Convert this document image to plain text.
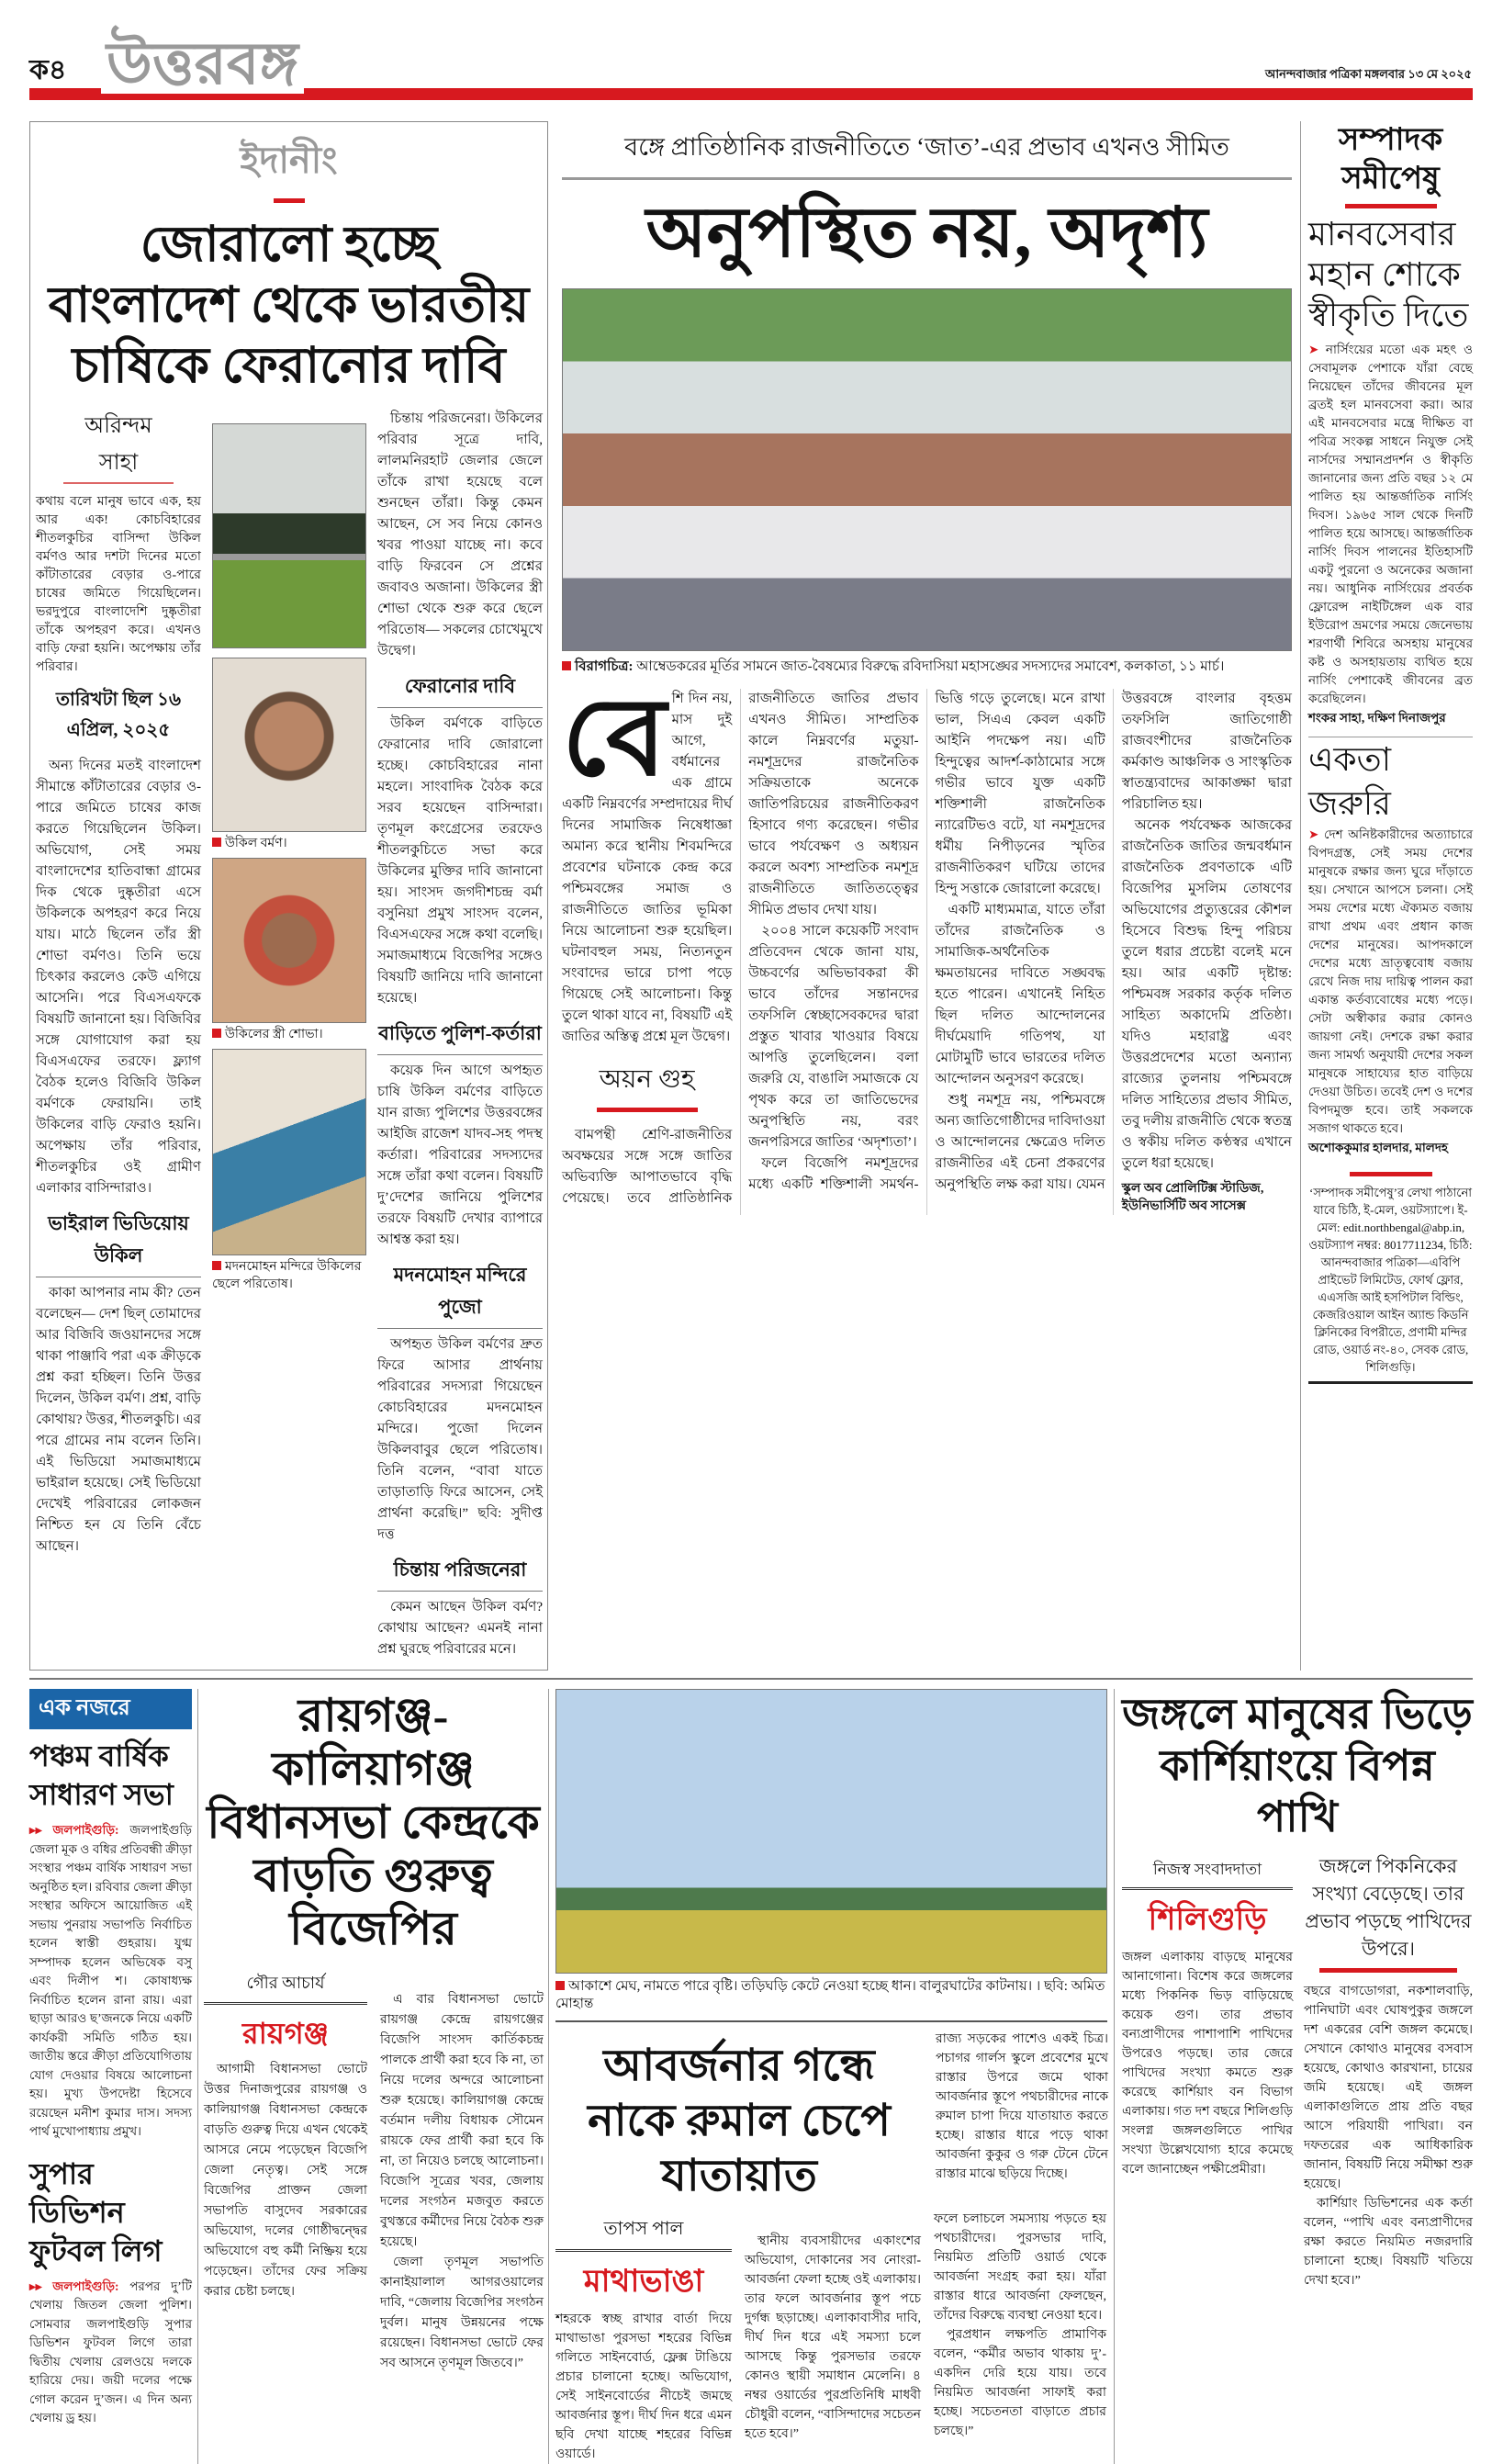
ক৪ উত্তরবঙ্গ	আনন্দবাজার পত্রিকা মঙ্গলবার ১৩ মে ২০২৫
ইদানীং
জোরালো হচ্ছে বাংলাদেশ থেকে ভারতীয় চাষিকে ফেরানোর দাবি
অরিন্দম সাহা

কথায় বলে মানুষ ভাবে এক, হয় আর এক! কোচবিহারের শীতলকুচির বাসিন্দা উকিল বর্মণও আর দশটা দিনের মতো কাঁটাতারের বেড়ার ও-পারে চাষের জমিতে গিয়েছিলেন। ভরদুপুরে বাংলাদেশি দুষ্কৃতীরা তাঁকে অপহরণ করে। এখনও বাড়ি ফেরা হয়নি। অপেক্ষায় তাঁর পরিবার।

তারিখটা ছিল ১৬ এপ্রিল, ২০২৫

অন্য দিনের মতই বাংলাদেশ সীমান্তে কাঁটাতারের বেড়ার ও-পারে জমিতে চাষের কাজ করতে গিয়েছিলেন উকিল। অভিযোগ, সেই সময় বাংলাদেশের হাতিবান্ধা গ্রামের দিক থেকে দুষ্কৃতীরা এসে উকিলকে অপহরণ করে নিয়ে যায়। মাঠে ছিলেন তাঁর স্ত্রী শোভা বর্মণও। তিনি ভয়ে চিৎকার করলেও কেউ এগিয়ে আসেনি। পরে বিএসএফকে বিষয়টি জানানো হয়। বিজিবির সঙ্গে যোগাযোগ করা হয় বিএসএফের তরফে। ফ্ল্যাগ বৈঠক হলেও বিজিবি উকিল বর্মণকে ফেরায়নি। তাই উকিলের বাড়ি ফেরাও হয়নি। অপেক্ষায় তাঁর পরিবার, শীতলকুচির ওই গ্রামীণ এলাকার বাসিন্দারাও।

ভাইরাল ভিডিয়োয় উকিল

কাকা আপনার নাম কী? তেন বলেছেন— দেশ ছিল্‌ তোমাদের আর বিজিবি জওয়ানদের সঙ্গে থাকা পাঞ্জাবি পরা এক ক্রীড়কে প্রশ্ন করা হচ্ছিল। তিনি উত্তর দিলেন, উকিল বর্মণ। প্রশ্ন, বাড়ি কোথায়? উত্তর, শীতলকুচি। এর পরে গ্রামের নাম বলেন তিনি। এই ভিডিয়ো সমাজমাধ্যমে ভাইরাল হয়েছে। সেই ভিডিয়ো দেখেই পরিবারের লোকজন নিশ্চিত হন যে তিনি বেঁচে আছেন।

উকিল বর্মণ।
উকিলের স্ত্রী শোভা।
মদনমোহন মন্দিরে উকিলের ছেলে পরিতোষ।

চিন্তায় পরিজনেরা। উকিলের পরিবার সূত্রে দাবি, লালমনিরহাট জেলার জেলে তাঁকে রাখা হয়েছে বলে শুনছেন তাঁরা। কিন্তু কেমন আছেন, সে সব নিয়ে কোনও খবর পাওয়া যাচ্ছে না। কবে বাড়ি ফিরবেন সে প্রশ্নের জবাবও অজানা। উকিলের স্ত্রী শোভা থেকে শুরু করে ছেলে পরিতোষ— সকলের চোখেমুখে উদ্বেগ।

ফেরানোর দাবি

উকিল বর্মণকে বাড়িতে ফেরানোর দাবি জোরালো হচ্ছে। কোচবিহারের নানা মহলে। সাংবাদিক বৈঠক করে সরব হয়েছেন বাসিন্দারা। তৃণমূল কংগ্রেসের তরফেও শীতলকুচিতে সভা করে উকিলের মুক্তির দাবি জানানো হয়। সাংসদ জগদীশচন্দ্র বর্মা বসুনিয়া প্রমুখ সাংসদ বলেন, বিএসএফের সঙ্গে কথা বলেছি। সমাজমাধ্যমে বিজেপির সঙ্গেও বিষয়টি জানিয়ে দাবি জানানো হয়েছে।

বাড়িতে পুলিশ-কর্তারা

কয়েক দিন আগে অপহৃত চাষি উকিল বর্মণের বাড়িতে যান রাজ্য পুলিশের উত্তরবঙ্গের আইজি রাজেশ যাদব-সহ পদস্থ কর্তারা। পরিবারের সদস্যদের সঙ্গে তাঁরা কথা বলেন। বিষয়টি দু’দেশের জানিয়ে পুলিশের তরফে বিষয়টি দেখার ব্যাপারে আশ্বস্ত করা হয়।

মদনমোহন মন্দিরে পুজো

অপহৃত উকিল বর্মণের দ্রুত ফিরে আসার প্রার্থনায় পরিবারের সদস্যরা গিয়েছেন কোচবিহারের মদনমোহন মন্দিরে। পুজো দিলেন উকিলবাবুর ছেলে পরিতোষ। তিনি বলেন, “বাবা যাতে তাড়াতাড়ি ফিরে আসেন, সেই প্রার্থনা করেছি।” ছবি: সুদীপ্ত দত্ত

চিন্তায় পরিজনেরা

কেমন আছেন উকিল বর্মণ? কোথায় আছেন? এমনই নানা প্রশ্ন ঘুরছে পরিবারের মনে।

বঙ্গে প্রাতিষ্ঠানিক রাজনীতিতে ‘জাত’-এর প্রভাব এখনও সীমিত
অনুপস্থিত নয়, অদৃশ্য
বিরাগচিত্র: আম্বেডকরের মূর্তির সামনে জাত-বৈষম্যের বিরুদ্ধে রবিদাসিয়া মহাসঙ্ঘের সদস্যদের সমাবেশ, কলকাতা, ১১ মার্চ।

বেশি দিন নয়, মাস দুই আগে, বর্ধমানের এক গ্রামে একটি নিম্নবর্ণের সম্প্রদায়ের দীর্ঘ দিনের সামাজিক নিষেধাজ্ঞা অমান্য করে স্থানীয় শিবমন্দিরে প্রবেশের ঘটনাকে কেন্দ্র করে পশ্চিমবঙ্গের সমাজ ও রাজনীতিতে জাতির ভূমিকা নিয়ে আলোচনা শুরু হয়েছিল। ঘটনাবহুল সময়, নিত্যনতুন সংবাদের ভারে চাপা পড়ে গিয়েছে সেই আলোচনা। কিন্তু তুলে থাকা যাবে না, বিষয়টি এই জাতির অস্তিত্ব প্রশ্নে মূল উদ্বেগ।

অয়ন গুহ

বামপন্থী শ্রেণি-রাজনীতির অবক্ষয়ের সঙ্গে সঙ্গে জাতির অভিব্যক্তি আপাতভাবে বৃদ্ধি পেয়েছে। তবে প্রাতিষ্ঠানিক রাজনীতিতে জাতির প্রভাব এখনও সীমিত। সাম্প্রতিক কালে নিম্নবর্ণের মতুয়া-নমশূদ্রদের রাজনৈতিক সক্রিয়তাকে অনেকে জাতিপরিচয়ের রাজনীতিকরণ হিসাবে গণ্য করেছেন। গভীর ভাবে পর্যবেক্ষণ ও অধ্যয়ন করলে অবশ্য সাম্প্রতিক নমশূদ্র রাজনীতিতে জাতিতত্ত্বের সীমিত প্রভাব দেখা যায়।

২০০৪ সালে কয়েকটি সংবাদ প্রতিবেদন থেকে জানা যায়, উচ্চবর্ণের অভিভাবকরা কী ভাবে তাঁদের সন্তানদের তফসিলি স্বেচ্ছাসেবকদের দ্বারা প্রস্তুত খাবার খাওয়ার বিষয়ে আপত্তি তুলেছিলেন। বলা জরুরি যে, বাঙালি সমাজকে যে পৃথক করে তা জাতিভেদের অনুপস্থিতি নয়, বরং জনপরিসরে জাতির ‘অদৃশ্যতা’।

ফলে বিজেপি নমশূদ্রদের মধ্যে একটি শক্তিশালী সমর্থন-ভিত্তি গড়ে তুলেছে। মনে রাখা ভাল, সিএএ কেবল একটি আইনি পদক্ষেপ নয়। এটি হিন্দুত্বের আদর্শ-কাঠামোর সঙ্গে গভীর ভাবে যুক্ত একটি শক্তিশালী রাজনৈতিক ন্যারেটিভও বটে, যা নমশূদ্রদের ধর্মীয় নিপীড়নের স্মৃতির রাজনীতিকরণ ঘটিয়ে তাদের হিন্দু সত্তাকে জোরালো করেছে।

একটি মাধ্যমমাত্র, যাতে তাঁরা তাঁদের রাজনৈতিক ও সামাজিক-অর্থনৈতিক ক্ষমতায়নের দাবিতে সঙ্ঘবদ্ধ হতে পারেন। এখানেই নিহিত ছিল দলিত আন্দোলনের দীর্ঘমেয়াদি গতিপথ, যা মোটামুটি ভাবে ভারতের দলিত আন্দোলন অনুসরণ করেছে।

শুধু নমশূদ্র নয়, পশ্চিমবঙ্গে অন্য জাতিগোষ্ঠীদের দাবিদাওয়া ও আন্দোলনের ক্ষেত্রেও দলিত রাজনীতির এই চেনা প্রকরণের অনুপস্থিতি লক্ষ করা যায়। যেমন উত্তরবঙ্গে বাংলার বৃহত্তম তফসিলি জাতিগোষ্ঠী রাজবংশীদের রাজনৈতিক কর্মকাণ্ড আঞ্চলিক ও সাংস্কৃতিক স্বাতন্ত্র্যবাদের আকাঙ্ক্ষা দ্বারা পরিচালিত হয়।

অনেক পর্যবেক্ষক আজকের রাজনৈতিক জাতির জন্মবর্ধমান রাজনৈতিক প্রবণতাকে এটি বিজেপির মুসলিম তোষণের অভিযোগের প্রত্যুত্তরের কৌশল হিসেবে বিশুদ্ধ হিন্দু পরিচয় তুলে ধরার প্রচেষ্টা বলেই মনে হয়। আর একটি দৃষ্টান্ত: পশ্চিমবঙ্গ সরকার কর্তৃক দলিত সাহিত্য অকাদেমি প্রতিষ্ঠা। যদিও মহারাষ্ট্র এবং উত্তরপ্রদেশের মতো অন্যান্য রাজ্যের তুলনায় পশ্চিমবঙ্গে দলিত সাহিত্যের প্রভাব সীমিত, তবু দলীয় রাজনীতি থেকে স্বতন্ত্র ও স্বকীয় দলিত কণ্ঠস্বর এখানে তুলে ধরা হয়েছে।

স্কুল অব প্রোলিটিক্স স্টাডিজ, ইউনিভার্সিটি অব সাসেক্স

সম্পাদক সমীপেষু
মানবসেবার মহান শোকে স্বীকৃতি দিতে

➤ নার্সিংয়ের মতো এক মহৎ ও সেবামূলক পেশাকে যাঁরা বেছে নিয়েছেন তাঁদের জীবনের মূল ব্রতই হল মানবসেবা করা। আর এই মানবসেবার মন্ত্রে দীক্ষিত বা পবিত্র সংকল্প সাধনে নিযুক্ত সেই নার্সদের সম্মানপ্রদর্শন ও স্বীকৃতি জানানোর জন্য প্রতি বছর ১২ মে পালিত হয় আন্তর্জাতিক নার্সিং দিবস। ১৯৬৫ সাল থেকে দিনটি পালিত হয়ে আসছে। আন্তর্জাতিক নার্সিং দিবস পালনের ইতিহাসটি একটু পুরনো ও অনেকের অজানা নয়। আধুনিক নার্সিংয়ের প্রবর্তক ফ্লোরেন্স নাইটিঙ্গেল এক বার ইউরোপ ভ্রমণের সময়ে জেনেভায় শরণার্থী শিবিরে অসহায় মানুষের কষ্ট ও অসহায়তায় ব্যথিত হয়ে নার্সিং পেশাকেই জীবনের ব্রত করেছিলেন।

শংকর সাহা, দক্ষিণ দিনাজপুর
একতা জরুরি

➤ দেশ অনিষ্টকারীদের অত্যাচারে বিপদগ্রস্ত, সেই সময় দেশের মানুষকে রক্ষার জন্য ঘুরে দাঁড়াতে হয়। সেখানে আপসে চলনা। সেই সময় দেশের মধ্যে ঐক্যমত বজায় রাখা প্রথম এবং প্রধান কাজ দেশের মানুষের। আপদকালে দেশের মধ্যে ভ্রাতৃত্ববোধ বজায় রেখে নিজ দায় দায়িত্ব পালন করা একান্ত কর্তব্যবোধের মধ্যে পড়ে। সেটা অস্বীকার করার কোনও জায়গা নেই। দেশকে রক্ষা করার জন্য সামর্থ্য অনুযায়ী দেশের সকল মানুষকে সাহায্যের হাত বাড়িয়ে দেওয়া উচিত। তবেই দেশ ও দশের বিপদমুক্ত হবে। তাই সকলকে সজাগ থাকতে হবে।

অশোককুমার হালদার, মালদহ

‘সম্পাদক সমীপেষু’র লেখা পাঠানো যাবে চিঠি, ই-মেল, ওয়টস্যাপে। ই-মেল: edit.northbengal@abp.in, ওয়টস্যাপ নম্বর: 8017711234, চিঠি: আনন্দবাজার পত্রিকা—এবিপি প্রাইভেট লিমিটেড, ফোর্থ ফ্লোর, এএসজি আই হসপিটাল বিল্ডিং, কেজরিওয়াল আইন অ্যান্ড কিডনি ক্লিনিকের বিপরীতে, প্রণামী মন্দির রোড, ওয়ার্ড নং-৪০, সেবক রোড, শিলিগুড়ি।

এক নজরে
পঞ্চম বার্ষিক সাধারণ সভা

▸▸ জলপাইগুড়ি: জলপাইগুড়ি জেলা মূক ও বধির প্রতিবন্ধী ক্রীড়া সংস্থার পঞ্চম বার্ষিক সাধারণ সভা অনুষ্ঠিত হল। রবিবার জেলা ক্রীড়া সংস্থার অফিসে আয়োজিত এই সভায় পুনরায় সভাপতি নির্বাচিত হলেন স্বাস্তী গুহরায়। যুগ্ম সম্পাদক হলেন অভিষেক বসু এবং দিলীপ শ। কোষাধ্যক্ষ নির্বাচিত হলেন রানা রায়। এরা ছাড়া আরও ছ’জনকে নিয়ে একটি কার্যকরী সমিতি গঠিত হয়। জাতীয় স্তরে ক্রীড়া প্রতিযোগিতায় যোগ দেওয়ার বিষয়ে আলোচনা হয়। মুখ্য উপদেষ্টা হিসেবে রয়েছেন মনীশ কুমার দাস। সদস্য পার্থ মুখোপাধ্যায় প্রমুখ।

সুপার ডিভিশন ফুটবল লিগ

▸▸ জলপাইগুড়ি: পরপর দু’টি খেলায় জিতল জেলা পুলিশ। সোমবার জলপাইগুড়ি সুপার ডিভিশন ফুটবল লিগে তারা দ্বিতীয় খেলায় রেলওয়ে দলকে হারিয়ে দেয়। জয়ী দলের পক্ষে গোল করেন দু’জন। এ দিন অন্য খেলায় ড্র হয়।

রায়গঞ্জ-কালিয়াগঞ্জ বিধানসভা কেন্দ্রকে বাড়তি গুরুত্ব বিজেপির
গৌর আচার্য
রায়গঞ্জ

আগামী বিধানসভা ভোটে উত্তর দিনাজপুরের রায়গঞ্জ ও কালিয়াগঞ্জ বিধানসভা কেন্দ্রকে বাড়তি গুরুত্ব দিয়ে এখন থেকেই আসরে নেমে পড়েছেন বিজেপি জেলা নেতৃত্ব। সেই সঙ্গে বিজেপির প্রাক্তন জেলা সভাপতি বাসুদেব সরকারের অভিযোগ, দলের গোষ্ঠীদ্বন্দ্বের অভিযোগে বহু কর্মী নিষ্ক্রিয় হয়ে পড়েছেন। তাঁদের ফের সক্রিয় করার চেষ্টা চলছে।

এ বার বিধানসভা ভোটে রায়গঞ্জ কেন্দ্রে রায়গঞ্জের বিজেপি সাংসদ কার্তিকচন্দ্র পালকে প্রার্থী করা হবে কি না, তা নিয়ে দলের অন্দরে আলোচনা শুরু হয়েছে। কালিয়াগঞ্জ কেন্দ্রে বর্তমান দলীয় বিধায়ক সৌমেন রায়কে ফের প্রার্থী করা হবে কি না, তা নিয়েও চলছে আলোচনা। বিজেপি সূত্রের খবর, জেলায় দলের সংগঠন মজবুত করতে বুথস্তরে কর্মীদের নিয়ে বৈঠক শুরু হয়েছে।

জেলা তৃণমূল সভাপতি কানাইয়ালাল আগরওয়ালের দাবি, “জেলায় বিজেপির সংগঠন দুর্বল। মানুষ উন্নয়নের পক্ষে রয়েছেন। বিধানসভা ভোটে ফের সব আসনে তৃণমূল জিতবে।”

আকাশে মেঘ, নামতে পারে বৃষ্টি। তড়িঘড়ি কেটে নেওয়া হচ্ছে ধান। বালুরঘাটের কাটনায়। । ছবি: অমিত মোহান্ত
আবর্জনার গন্ধে নাকে রুমাল চেপে যাতায়াত

রাজ্য সড়কের পাশেও একই চিত্র। পচাগর গার্লস স্কুলে প্রবেশের মুখে রাস্তার উপরে জমে থাকা আবর্জনার স্তূপে পথচারীদের নাকে রুমাল চাপা দিয়ে যাতায়াত করতে হচ্ছে। রাস্তার ধারে পড়ে থাকা আবর্জনা কুকুর ও গরু টেনে টেনে রাস্তার মাঝে ছড়িয়ে দিচ্ছে।

তাপস পাল
মাথাভাঙা

শহরকে স্বচ্ছ রাখার বার্তা দিয়ে মাথাভাঙা পুরসভা শহরের বিভিন্ন গলিতে সাইনবোর্ড, ফ্লেক্স টাঙিয়ে প্রচার চালানো হচ্ছে। অভিযোগ, সেই সাইনবোর্ডের নীচেই জমছে আবর্জনার স্তূপ। দীর্ঘ দিন ধরে এমন ছবি দেখা যাচ্ছে শহরের বিভিন্ন ওয়ার্ডে।

স্থানীয় ব্যবসায়ীদের একাংশের অভিযোগ, দোকানের সব নোংরা-আবর্জনা ফেলা হচ্ছে ওই এলাকায়। তার ফলে আবর্জনার স্তূপ পচে দুর্গন্ধ ছড়াচ্ছে। এলাকাবাসীর দাবি, দীর্ঘ দিন ধরে এই সমস্যা চলে আসছে কিন্তু পুরসভার তরফে কোনও স্থায়ী সমাধান মেলেনি। ৪ নম্বর ওয়ার্ডের পুরপ্রতিনিধি মাধবী চৌধুরী বলেন, “বাসিন্দাদের সচেতন হতে হবে।”

ফলে চলাচলে সমস্যায় পড়তে হয় পথচারীদের। পুরসভার দাবি, নিয়মিত প্রতিটি ওয়ার্ড থেকে আবর্জনা সংগ্রহ করা হয়। যাঁরা রাস্তার ধারে আবর্জনা ফেলছেন, তাঁদের বিরুদ্ধে ব্যবস্থা নেওয়া হবে।

পুরপ্রধান লক্ষপতি প্রামাণিক বলেন, “কর্মীর অভাব থাকায় দু’-একদিন দেরি হয়ে যায়। তবে নিয়মিত আবর্জনা সাফাই করা হচ্ছে। সচেতনতা বাড়াতে প্রচার চলছে।”

জঙ্গলে মানুষের ভিড়ে কার্শিয়াংয়ে বিপন্ন পাখি
নিজস্ব সংবাদদাতা
শিলিগুড়ি

জঙ্গল এলাকায় বাড়ছে মানুষের আনাগোনা। বিশেষ করে জঙ্গলের মধ্যে পিকনিক ভিড় বাড়িয়েছে কয়েক গুণ। তার প্রভাব বন্যপ্রাণীদের পাশাপাশি পাখিদের উপরেও পড়ছে। তার জেরে পাখিদের সংখ্যা কমতে শুরু করেছে কার্শিয়াং বন বিভাগ এলাকায়। গত দশ বছরে শিলিগুড়ি সংলগ্ন জঙ্গলগুলিতে পাখির সংখ্যা উল্লেখযোগ্য হারে কমেছে বলে জানাচ্ছেন পক্ষীপ্রেমীরা।

জঙ্গলে পিকনিকের সংখ্যা বেড়েছে। তার প্রভাব পড়ছে পাখিদের উপরে।

বছরে বাগডোগরা, নকশালবাড়ি, পানিঘাটা এবং ঘোষপুকুর জঙ্গলে দশ একরের বেশি জঙ্গল কমেছে। সেখানে কোথাও মানুষের বসবাস হয়েছে, কোথাও কারখানা, চায়ের জমি হয়েছে। এই জঙ্গল এলাকাগুলিতে প্রায় প্রতি বছর আসে পরিযায়ী পাখিরা। বন দফতরের এক আধিকারিক জানান, বিষয়টি নিয়ে সমীক্ষা শুরু হয়েছে।

কার্শিয়াং ডিভিশনের এক কর্তা বলেন, “পাখি এবং বন্যপ্রাণীদের রক্ষা করতে নিয়মিত নজরদারি চালানো হচ্ছে। বিষয়টি খতিয়ে দেখা হবে।”
